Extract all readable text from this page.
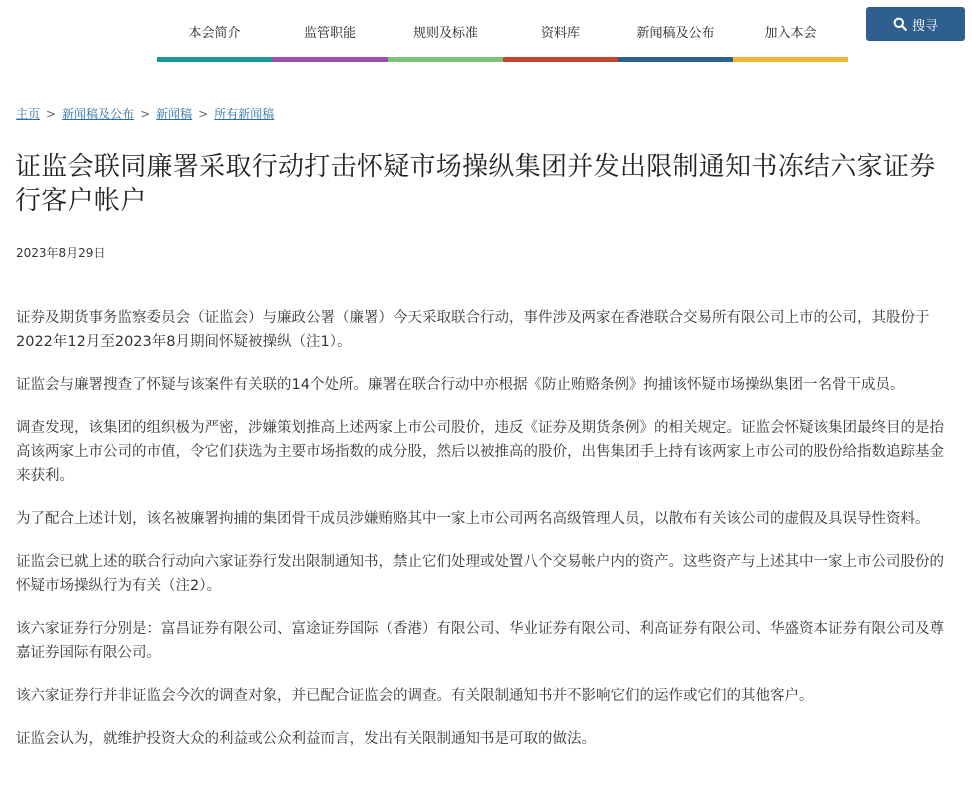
本会简介	监管职能	规则及标准	资料库	新闻稿及公布	加入本会	搜寻
主页 > 新闻稿及公布 > 新闻稿 > 所有新闻稿
证监会联同廉署采取行动打击怀疑市场操纵集团并发出限制通知书冻结六家证券行客户帐户
2023年8月29日

证券及期货事务监察委员会（证监会）与廉政公署（廉署）今天采取联合行动，事件涉及两家在香港联合交易所有限公司上市的公司，其股份于2022年12月至2023年8月期间怀疑被操纵（注1）。

证监会与廉署搜查了怀疑与该案件有关联的14个处所。廉署在联合行动中亦根据《防止贿赂条例》拘捕该怀疑市场操纵集团一名骨干成员。

调查发现，该集团的组织极为严密，涉嫌策划推高上述两家上市公司股价，违反《证券及期货条例》的相关规定。证监会怀疑该集团最终目的是抬高该两家上市公司的市值，令它们获选为主要市场指数的成分股，然后以被推高的股价，出售集团手上持有该两家上市公司的股份给指数追踪基金来获利。

为了配合上述计划，该名被廉署拘捕的集团骨干成员涉嫌贿赂其中一家上市公司两名高级管理人员，以散布有关该公司的虚假及具误导性资料。

证监会已就上述的联合行动向六家证券行发出限制通知书，禁止它们处理或处置八个交易帐户内的资产。这些资产与上述其中一家上市公司股份的怀疑市场操纵行为有关（注2）。

该六家证券行分别是：富昌证券有限公司、富途证券国际（香港）有限公司、华业证券有限公司、利高证券有限公司、华盛资本证券有限公司及尊嘉证券国际有限公司。

该六家证券行并非证监会今次的调查对象，并已配合证监会的调查。有关限制通知书并不影响它们的运作或它们的其他客户。

证监会认为，就维护投资大众的利益或公众利益而言，发出有关限制通知书是可取的做法。
